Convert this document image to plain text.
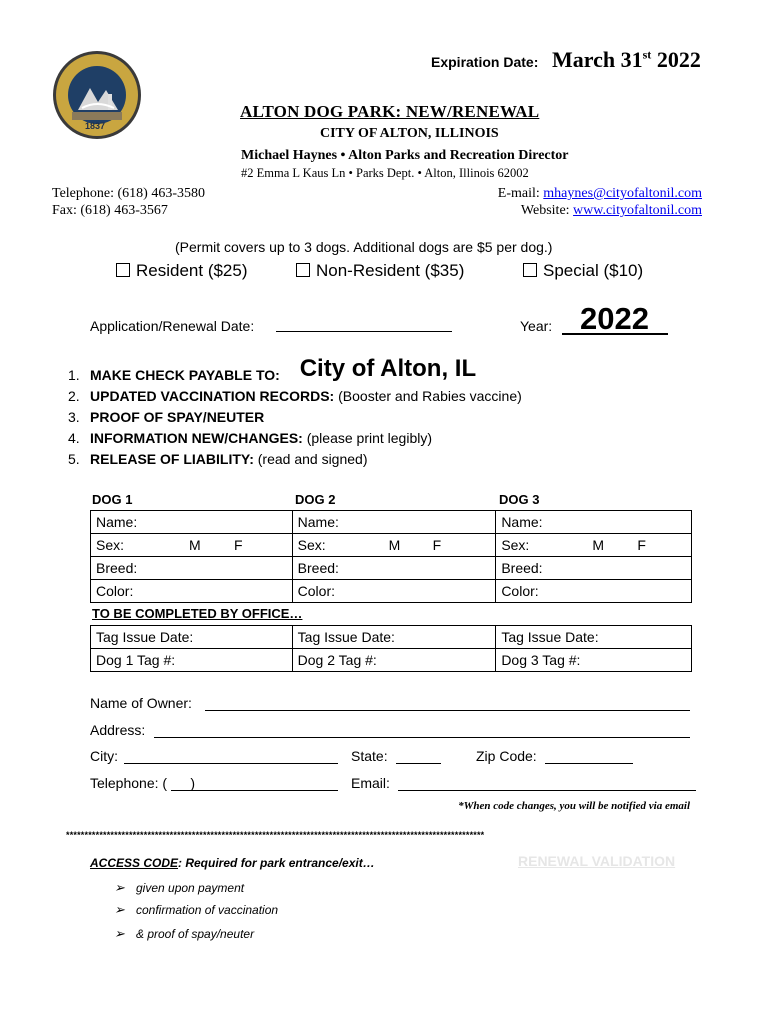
1837
Expiration Date: March 31st 2022
ALTON DOG PARK: NEW/RENEWAL
CITY OF ALTON, ILLINOIS
Michael Haynes • Alton Parks and Recreation Director
#2 Emma L Kaus Ln • Parks Dept. • Alton, Illinois 62002
Telephone: (618) 463-3580
Fax: (618) 463-3567
E-mail: mhaynes@cityofaltonil.com
Website: www.cityofaltonil.com
(Permit covers up to 3 dogs. Additional dogs are $5 per dog.)
Resident ($25)	Non-Resident ($35)	Special ($10)
Application/Renewal Date:	Year: 2022
1. MAKE CHECK PAYABLE TO: City of Alton, IL
2. UPDATED VACCINATION RECORDS: (Booster and Rabies vaccine)
3. PROOF OF SPAY/NEUTER
4. INFORMATION NEW/CHANGES: (please print legibly)
5. RELEASE OF LIABILITY: (read and signed)
DOG 1	DOG 2	DOG 3
Name:	Name:	Name:
Sex: M F	Sex: M F	Sex: M F

Breed:	Breed:	Breed:
Color:	Color:	Color:
TO BE COMPLETED BY OFFICE…
Tag Issue Date:	Tag Issue Date:	Tag Issue Date:
Dog 1 Tag #:	Dog 2 Tag #:	Dog 3 Tag #:
Name of Owner:
Address:
City:	State:	Zip Code:
Telephone: (      )	Email:
*When code changes, you will be notified via email
*****************************************************************************************************************
ACCESS CODE: Required for park entrance/exit…	RENEWAL VALIDATION
➢ given upon payment
➢ confirmation of vaccination
➢ & proof of spay/neuter
